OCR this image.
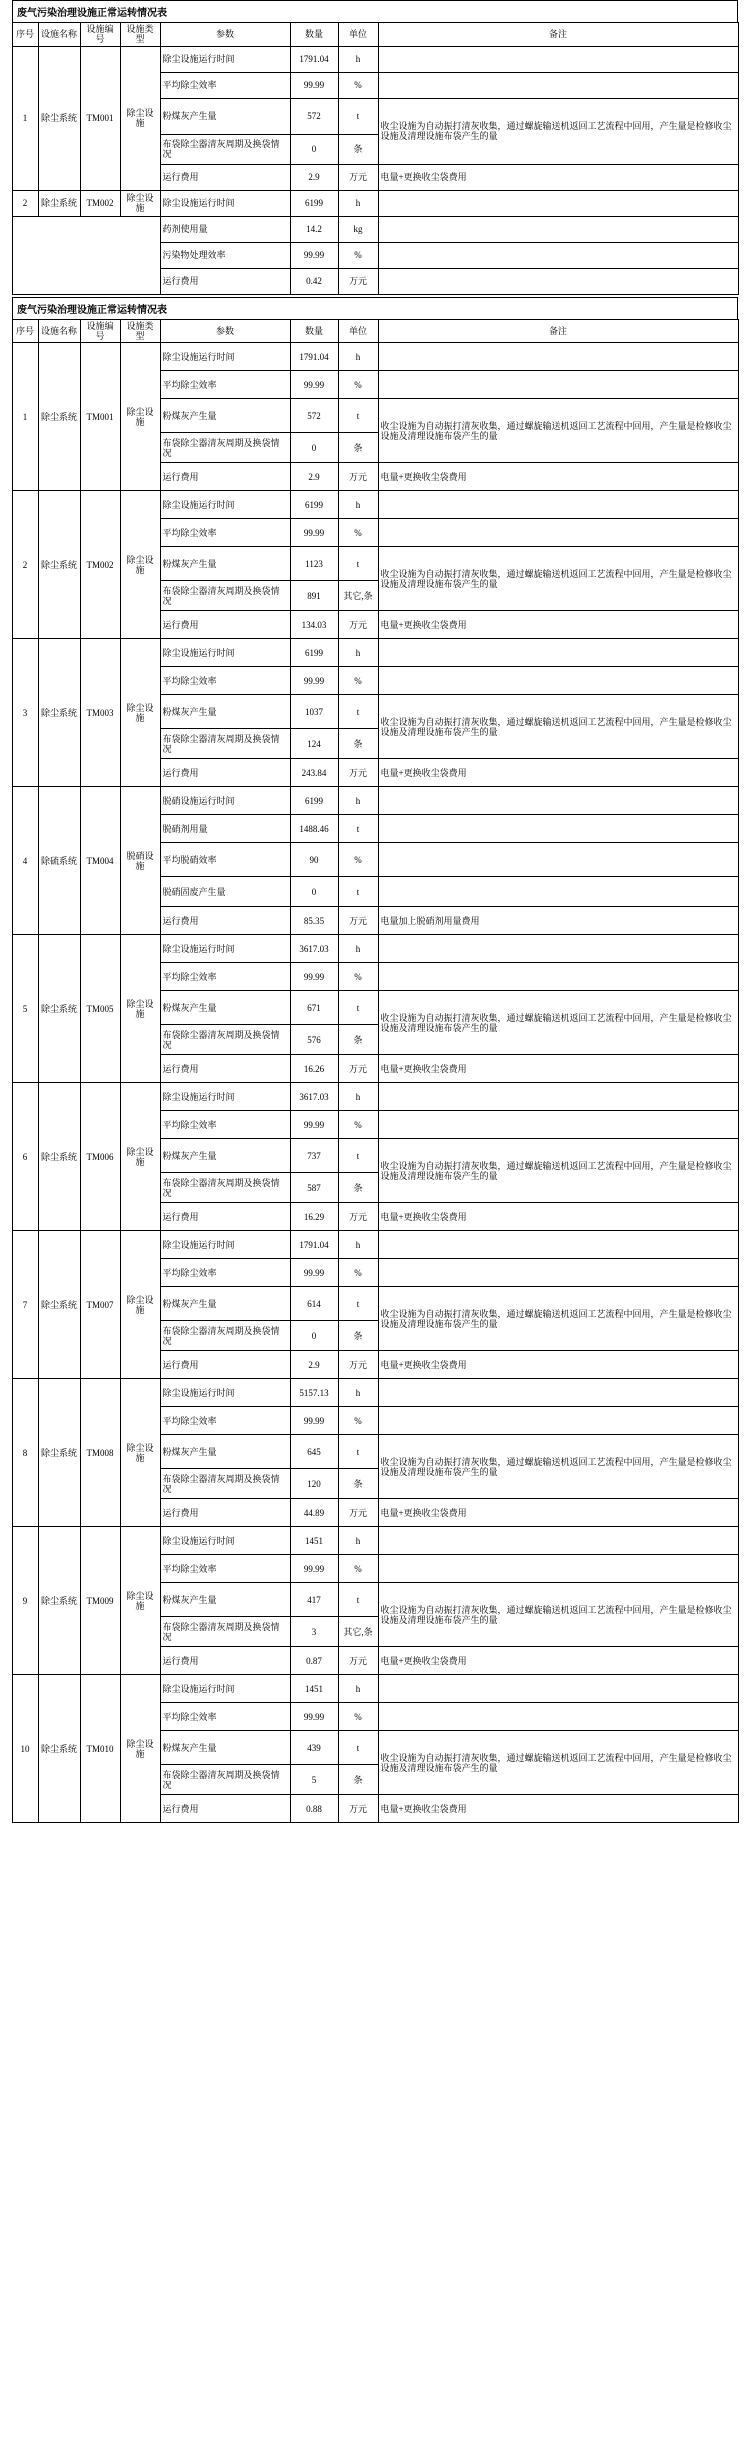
废气污染治理设施正常运转情况表
序号	设施名称	设施编号	设施类型	参数	数量	单位	备注
1	除尘系统	TM001	除尘设施	除尘设施运行时间	1791.04	h	
				平均除尘效率	99.99	%	
				粉煤灰产生量	572	t	收尘设施为自动振打清灰收集，通过螺旋输送机返回工艺流程中回用，产生量是检修收尘设施及清理设施布袋产生的量
				布袋除尘器清灰周期及换袋情况	0	条	
				运行费用	2.9	万元	电量+更换收尘袋费用
2	除尘系统	TM002	除尘设施	除尘设施运行时间	6199	h	
				药剂使用量	14.2	kg	
				污染物处理效率	99.99	%	
				运行费用	0.42	万元	
废气污染治理设施正常运转情况表
序号	设施名称	设施编号	设施类型	参数	数量	单位	备注
1	除尘系统	TM001	除尘设施	除尘设施运行时间	1791.04	h	
				平均除尘效率	99.99	%	
				粉煤灰产生量	572	t	收尘设施为自动振打清灰收集，通过螺旋输送机返回工艺流程中回用，产生量是检修收尘设施及清理设施布袋产生的量
				布袋除尘器清灰周期及换袋情况	0	条	
				运行费用	2.9	万元	电量+更换收尘袋费用
2	除尘系统	TM002	除尘设施	除尘设施运行时间	6199	h	
				平均除尘效率	99.99	%	
				粉煤灰产生量	1123	t	收尘设施为自动振打清灰收集，通过螺旋输送机返回工艺流程中回用，产生量是检修收尘设施及清理设施布袋产生的量
				布袋除尘器清灰周期及换袋情况	891	其它,条	
				运行费用	134.03	万元	电量+更换收尘袋费用
3	除尘系统	TM003	除尘设施	除尘设施运行时间	6199	h	
				平均除尘效率	99.99	%	
				粉煤灰产生量	1037	t	收尘设施为自动振打清灰收集，通过螺旋输送机返回工艺流程中回用，产生量是检修收尘设施及清理设施布袋产生的量
				布袋除尘器清灰周期及换袋情况	124	条	
				运行费用	243.84	万元	电量+更换收尘袋费用
4	除硫系统	TM004	脱硝设施	脱硝设施运行时间	6199	h	
				脱硝剂用量	1488.46	t	
				平均脱硝效率	90	%	
				脱硝固废产生量	0	t	
				运行费用	85.35	万元	电量加上脱硝剂用量费用
5	除尘系统	TM005	除尘设施	除尘设施运行时间	3617.03	h	
				平均除尘效率	99.99	%	
				粉煤灰产生量	671	t	收尘设施为自动振打清灰收集，通过螺旋输送机返回工艺流程中回用，产生量是检修收尘设施及清理设施布袋产生的量
				布袋除尘器清灰周期及换袋情况	576	条	
				运行费用	16.26	万元	电量+更换收尘袋费用
6	除尘系统	TM006	除尘设施	除尘设施运行时间	3617.03	h	
				平均除尘效率	99.99	%	
				粉煤灰产生量	737	t	收尘设施为自动振打清灰收集，通过螺旋输送机返回工艺流程中回用，产生量是检修收尘设施及清理设施布袋产生的量
				布袋除尘器清灰周期及换袋情况	587	条	
				运行费用	16.29	万元	电量+更换收尘袋费用
7	除尘系统	TM007	除尘设施	除尘设施运行时间	1791.04	h	
				平均除尘效率	99.99	%	
				粉煤灰产生量	614	t	收尘设施为自动振打清灰收集，通过螺旋输送机返回工艺流程中回用，产生量是检修收尘设施及清理设施布袋产生的量
				布袋除尘器清灰周期及换袋情况	0	条	
				运行费用	2.9	万元	电量+更换收尘袋费用
8	除尘系统	TM008	除尘设施	除尘设施运行时间	5157.13	h	
				平均除尘效率	99.99	%	
				粉煤灰产生量	645	t	收尘设施为自动振打清灰收集，通过螺旋输送机返回工艺流程中回用，产生量是检修收尘设施及清理设施布袋产生的量
				布袋除尘器清灰周期及换袋情况	120	条	
				运行费用	44.89	万元	电量+更换收尘袋费用
9	除尘系统	TM009	除尘设施	除尘设施运行时间	1451	h	
				平均除尘效率	99.99	%	
				粉煤灰产生量	417	t	收尘设施为自动振打清灰收集，通过螺旋输送机返回工艺流程中回用，产生量是检修收尘设施及清理设施布袋产生的量
				布袋除尘器清灰周期及换袋情况	3	其它,条	
				运行费用	0.87	万元	电量+更换收尘袋费用
10	除尘系统	TM010	除尘设施	除尘设施运行时间	1451	h	
				平均除尘效率	99.99	%	
				粉煤灰产生量	439	t	收尘设施为自动振打清灰收集，通过螺旋输送机返回工艺流程中回用，产生量是检修收尘设施及清理设施布袋产生的量
				布袋除尘器清灰周期及换袋情况	5	条	
				运行费用	0.88	万元	电量+更换收尘袋费用
